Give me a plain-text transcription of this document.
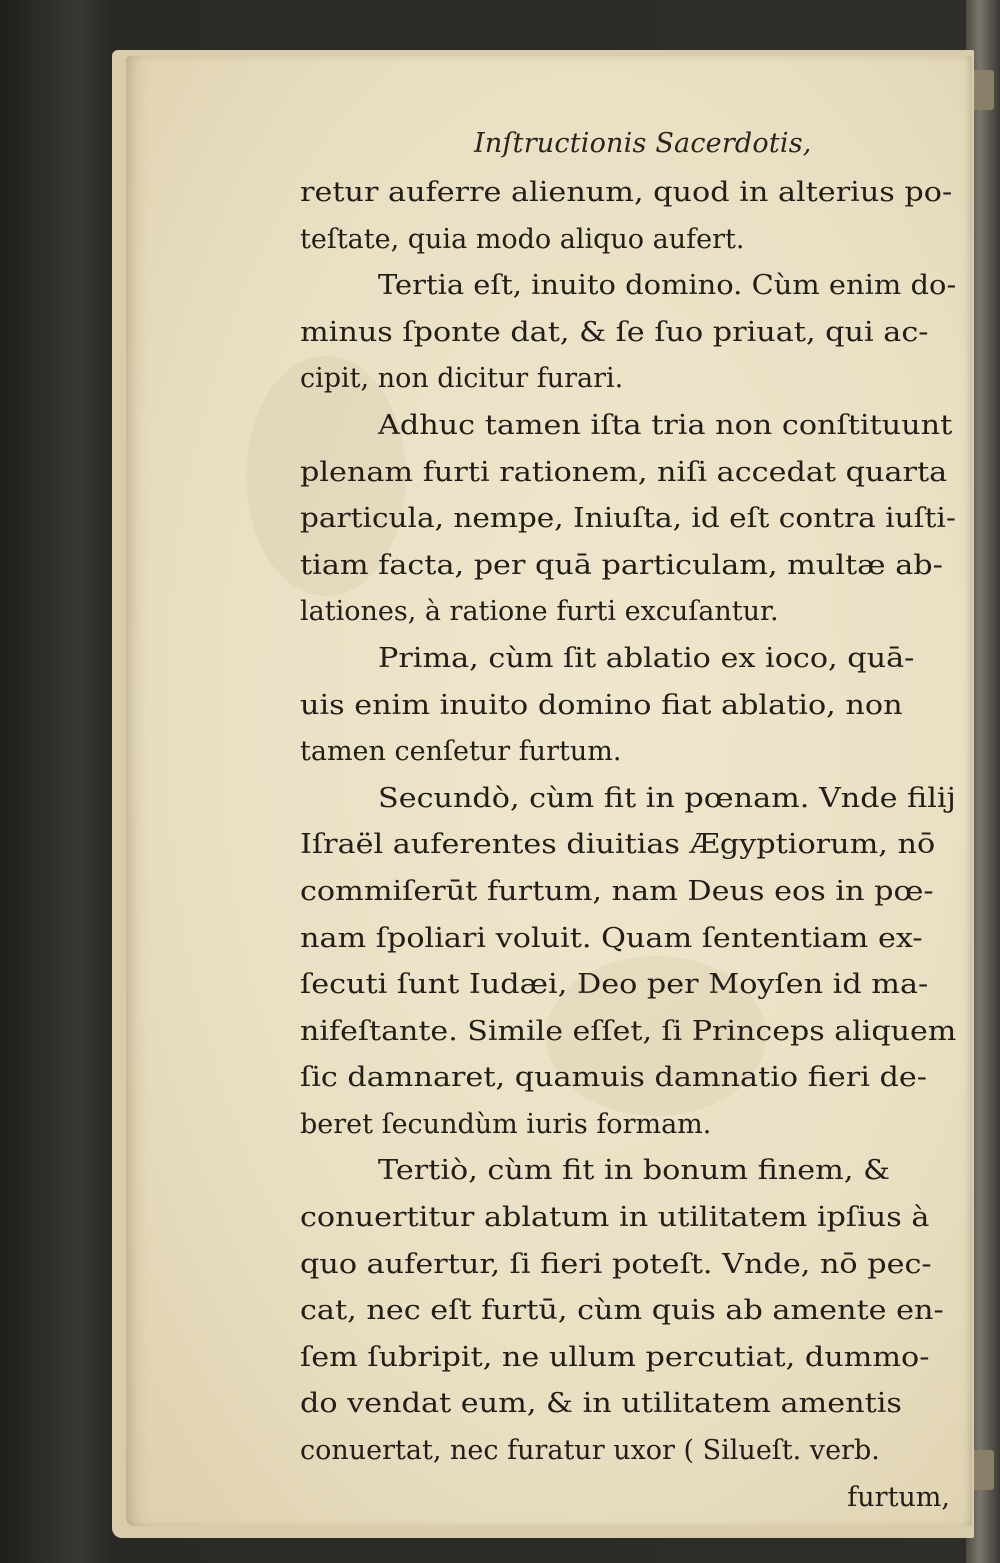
Inſtructionis Sacerdotis,
retur auferre alienum, quod in alterius po-
teſtate, quia modo aliquo aufert.
Tertia eſt, inuito domino. Cùm enim do-
minus ſponte dat, & ſe ſuo priuat, qui ac-
cipit, non dicitur furari.
Adhuc tamen iſta tria non conſtituunt
plenam furti rationem, niſi accedat quarta
particula, nempe, Iniuſta, id eſt contra iuſti-
tiam facta, per quā particulam, multæ ab-
lationes, à ratione furti excuſantur.
Prima, cùm ſit ablatio ex ioco, quā-
uis enim inuito domino fiat ablatio, non
tamen cenſetur furtum.
Secundò, cùm fit in pœnam. Vnde filij
Iſraël auferentes diuitias Ægyptiorum, nō
commiſerūt furtum, nam Deus eos in pœ-
nam ſpoliari voluit. Quam ſententiam ex-
ſecuti ſunt Iudæi, Deo per Moyſen id ma-
nifeſtante. Simile eſſet, ſi Princeps aliquem
ſic damnaret, quamuis damnatio fieri de-
beret ſecundùm iuris formam.
Tertiò, cùm fit in bonum finem, &
conuertitur ablatum in utilitatem ipſius à
quo aufertur, ſi fieri poteſt. Vnde, nō pec-
cat, nec eſt furtū, cùm quis ab amente en-
ſem ſubripit, ne ullum percutiat, dummo-
do vendat eum, & in utilitatem amentis
conuertat, nec furatur uxor ( Silueſt. verb.
furtum,
